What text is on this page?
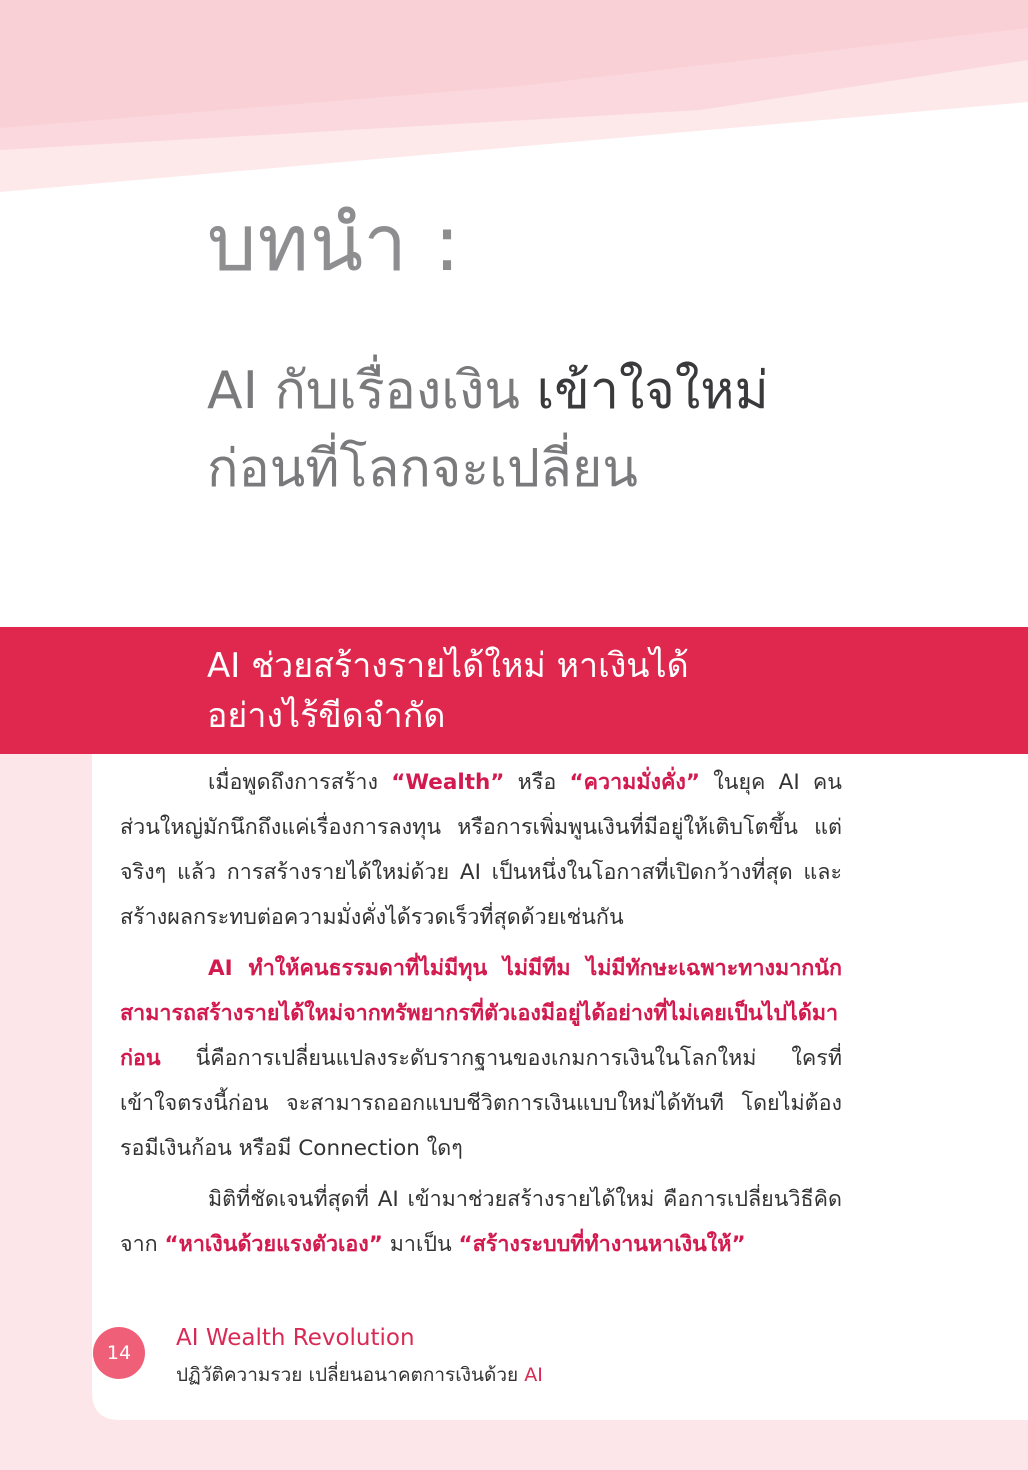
บทนำ :
AI กับเรื่องเงิน เข้าใจใหม่
ก่อนที่โลกจะเปลี่ยน
AI ช่วยสร้างรายได้ใหม่ หาเงินได้
อย่างไร้ขีดจำกัด

เมื่อพูดถึงการสร้าง “Wealth” หรือ “ความมั่งคั่ง” ในยุค AI คนส่วนใหญ่มักนึกถึงแค่เรื่องการลงทุน หรือการเพิ่มพูนเงินที่มีอยู่ให้เติบโตขึ้น แต่จริงๆ แล้ว การสร้างรายได้ใหม่ด้วย AI เป็นหนึ่งในโอกาสที่เปิดกว้างที่สุด และสร้างผลกระทบต่อความมั่งคั่งได้รวดเร็วที่สุดด้วยเช่นกัน

AI ทำให้คนธรรมดาที่ไม่มีทุน ไม่มีทีม ไม่มีทักษะเฉพาะทางมากนัก สามารถสร้างรายได้ใหม่จากทรัพยากรที่ตัวเองมีอยู่ได้อย่างที่ไม่เคยเป็นไปได้มาก่อน นี่คือการเปลี่ยนแปลงระดับรากฐานของเกมการเงินในโลกใหม่ ใครที่เข้าใจตรงนี้ก่อน จะสามารถออกแบบชีวิตการเงินแบบใหม่ได้ทันที โดยไม่ต้องรอมีเงินก้อน หรือมี Connection ใดๆ

มิติที่ชัดเจนที่สุดที่ AI เข้ามาช่วยสร้างรายได้ใหม่ คือการเปลี่ยนวิธีคิดจาก “หาเงินด้วยแรงตัวเอง” มาเป็น “สร้างระบบที่ทำงานหาเงินให้”

14
AI Wealth Revolution
ปฏิวัติความรวย เปลี่ยนอนาคตการเงินด้วย AI
